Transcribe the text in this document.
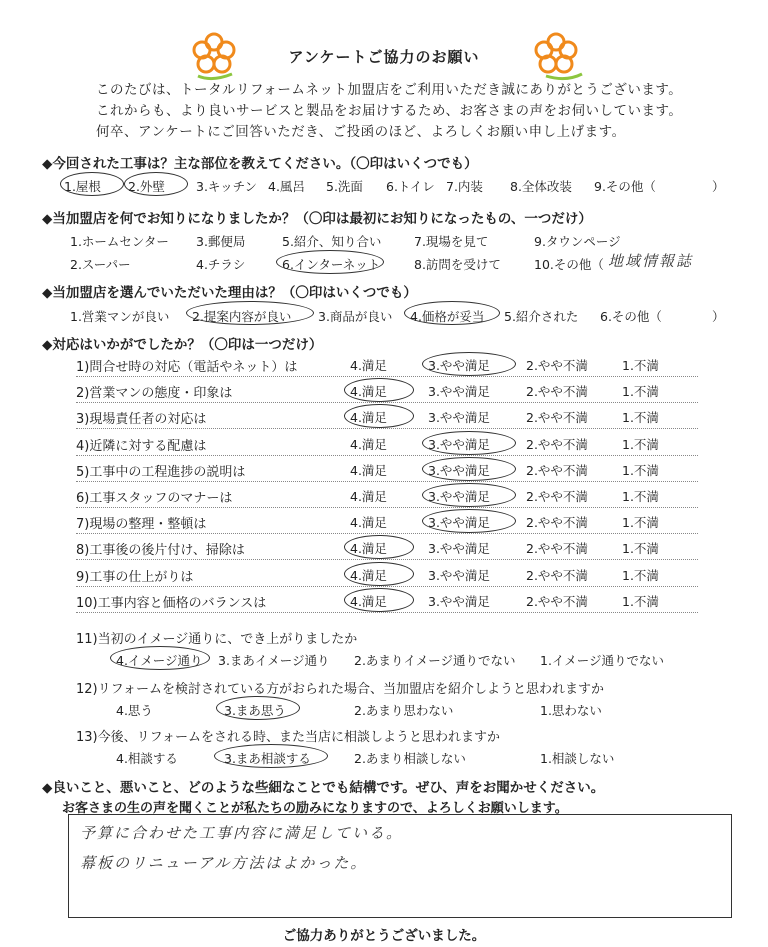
アンケートご協力のお願い
このたびは、トータルリフォームネット加盟店をご利用いただき誠にありがとうございます。
これからも、より良いサービスと製品をお届けするため、お客さまの声をお伺いしています。
何卒、アンケートにご回答いただき、ご投函のほど、よろしくお願い申し上げます。
◆今回された工事は？主な部位を教えてください。（〇印はいくつでも）
1.屋根 2.外壁 3.キッチン 4.風呂 5.洗面 6.トイレ 7.内装 8.全体改装 9.その他（	）
◆当加盟店を何でお知りになりましたか？（〇印は最初にお知りになったもの、一つだけ）
1.ホームセンター 3.郵便局	5.紹介、知り合い	7.現場を見て	9.タウンページ
2.スーパー	4.チラシ	6.インターネット	8.訪問を受けて	10.その他（ 地域情報誌
◆当加盟店を選んでいただいた理由は？（〇印はいくつでも）
1.営業マンが良い 2.提案内容が良い 3.商品が良い 4.価格が妥当 5.紹介された 6.その他（	）
◆対応はいかがでしたか？（〇印は一つだけ）
1)問合せ時の対応（電話やネット）は	4.満足	3.やや満足	2.やや不満	1.不満
2)営業マンの態度・印象は	4.満足	3.やや満足	2.やや不満	1.不満
3)現場責任者の対応は	4.満足	3.やや満足	2.やや不満	1.不満
4)近隣に対する配慮は	4.満足	3.やや満足	2.やや不満	1.不満
5)工事中の工程進捗の説明は	4.満足	3.やや満足	2.やや不満	1.不満
6)工事スタッフのマナーは	4.満足	3.やや満足	2.やや不満	1.不満
7)現場の整理・整頓は	4.満足	3.やや満足	2.やや不満	1.不満
8)工事後の後片付け、掃除は	4.満足	3.やや満足	2.やや不満	1.不満
9)工事の仕上がりは	4.満足	3.やや満足	2.やや不満	1.不満
10)工事内容と価格のバランスは	4.満足	3.やや満足	2.やや不満	1.不満
11)当初のイメージ通りに、でき上がりましたか
4.イメージ通り 3.まあイメージ通り 2.あまりイメージ通りでない 1.イメージ通りでない
12)リフォームを検討されている方がおられた場合、当加盟店を紹介しようと思われますか
4.思う	3.まあ思う	2.あまり思わない	1.思わない
13)今後、リフォームをされる時、また当店に相談しようと思われますか
4.相談する	3.まあ相談する	2.あまり相談しない	1.相談しない
◆良いこと、悪いこと、どのような些細なことでも結構です。ぜひ、声をお聞かせください。
お客さまの生の声を聞くことが私たちの励みになりますので、よろしくお願いします。
予算に合わせた工事内容に満足している。
幕板のリニューアル方法はよかった。
ご協力ありがとうございました。
